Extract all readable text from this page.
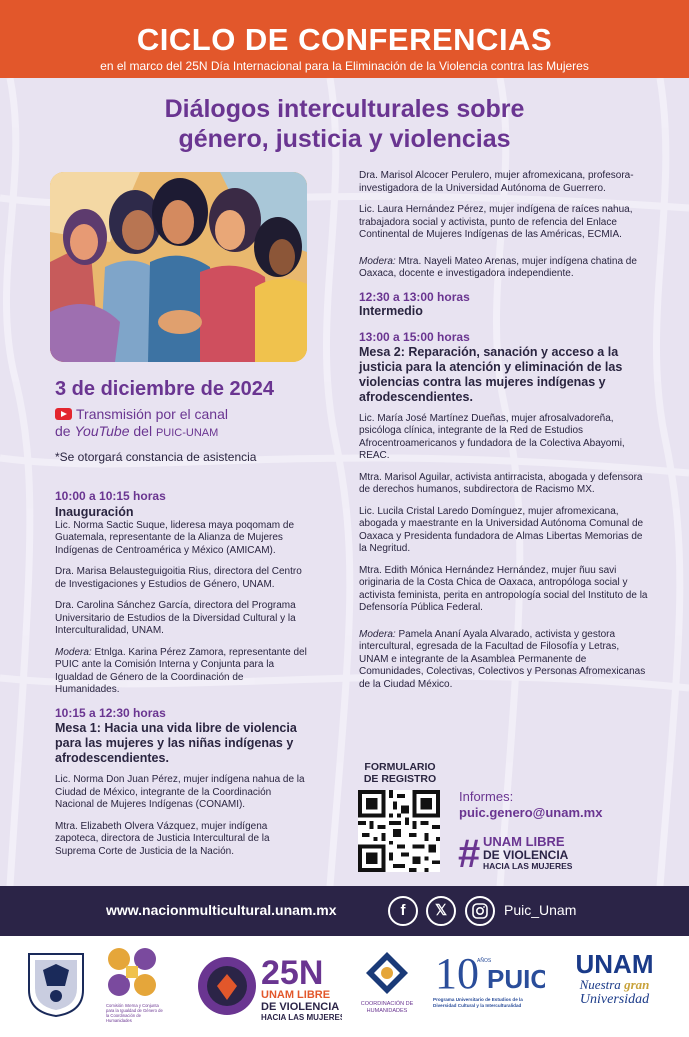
CICLO DE CONFERENCIAS
en el marco del 25N Día Internacional para la Eliminación de la Violencia contra las Mujeres
Diálogos interculturales sobre
género, justicia y violencias
3 de diciembre de 2024
Transmisión por el canal
de YouTube del PUIC-UNAM
*Se otorgará constancia de asistencia
10:00 a 10:15 horas
Inauguración

Lic. Norma Sactic Suque, lideresa maya poqomam de Guatemala, representante de la Alianza de Mujeres Indígenas de Centroamérica y México (AMICAM).

Dra. Marisa Belausteguigoitia Rius, directora del Centro de Investigaciones y Estudios de Género, UNAM.

Dra. Carolina Sánchez García, directora del Programa Universitario de Estudios de la Diversidad Cultural y la Interculturalidad, UNAM.

Modera: Etnlga. Karina Pérez Zamora, representante del PUIC ante la Comisión Interna y Conjunta para la Igualdad de Género de la Coordinación de Humanidades.

10:15 a 12:30 horas
Mesa 1: Hacia una vida libre de violencia para las mujeres y las niñas indígenas y afrodescendientes.

Lic. Norma Don Juan Pérez, mujer indígena nahua de la Ciudad de México, integrante de la Coordinación Nacional de Mujeres Indígenas (CONAMI).

Mtra. Elizabeth Olvera Vázquez, mujer indígena zapoteca, directora de Justicia Intercultural de la Suprema Corte de Justicia de la Nación.

Dra. Marisol Alcocer Perulero, mujer afromexicana, profesora-investigadora de la Universidad Autónoma de Guerrero.

Lic. Laura Hernández Pérez, mujer indígena de raíces nahua, trabajadora social y activista, punto de refencia del Enlace Continental de Mujeres Indígenas de las Américas, ECMIA.

Modera: Mtra. Nayeli Mateo Arenas, mujer indígena chatina de Oaxaca, docente e investigadora independiente.

12:30 a 13:00 horas
Intermedio
13:00 a 15:00 horas
Mesa 2: Reparación, sanación y acceso a la justicia para la atención y eliminación de las violencias contra las mujeres indígenas y afrodescendientes.

Lic. María José Martínez Dueñas, mujer afrosalvadoreña, psicóloga clínica, integrante de la Red de Estudios Afrocentroamericanos y fundadora de la Colectiva Abayomi, REAC.

Mtra. Marisol Aguilar, activista antirracista, abogada y defensora de derechos humanos, subdirectora de Racismo MX.

Lic. Lucila Cristal Laredo Domínguez, mujer afromexicana, abogada y maestrante en la Universidad Autónoma Comunal de Oaxaca y Presidenta fundadora de Almas Libertas Memorias de la Negritud.

Mtra. Edith Mónica Hernández Hernández, mujer ñuu savi originaria de la Costa Chica de Oaxaca, antropóloga social y activista feminista, perita en antropología social del Instituto de la Defensoría Pública Federal.

Modera: Pamela Ananí Ayala Alvarado, activista y gestora intercultural, egresada de la Facultad de Filosofía y Letras, UNAM e integrante de la Asamblea Permanente de Comunidades, Colectivas, Colectivos y Personas Afromexicanas de la Ciudad México.

FORMULARIO
DE REGISTRO
Informes:
puic.genero@unam.mx
# UNAM LIBRE
DE VIOLENCIA
HACIA LAS MUJERES
www.nacionmulticultural.unam.mx	f	𝕏	Puic_Unam
Comisión Interna y Conjunta para la Igualdad de Género de la Coordinación de Humanidades
25N
UNAM LIBRE
DE VIOLENCIA
HACIA LAS MUJERES
COORDINACIÓN DE HUMANIDADES
10
AÑOS
PUIC
Programa Universitario de Estudios de la Diversidad Cultural y la Interculturalidad
UNAM
Nuestra gran
Universidad
